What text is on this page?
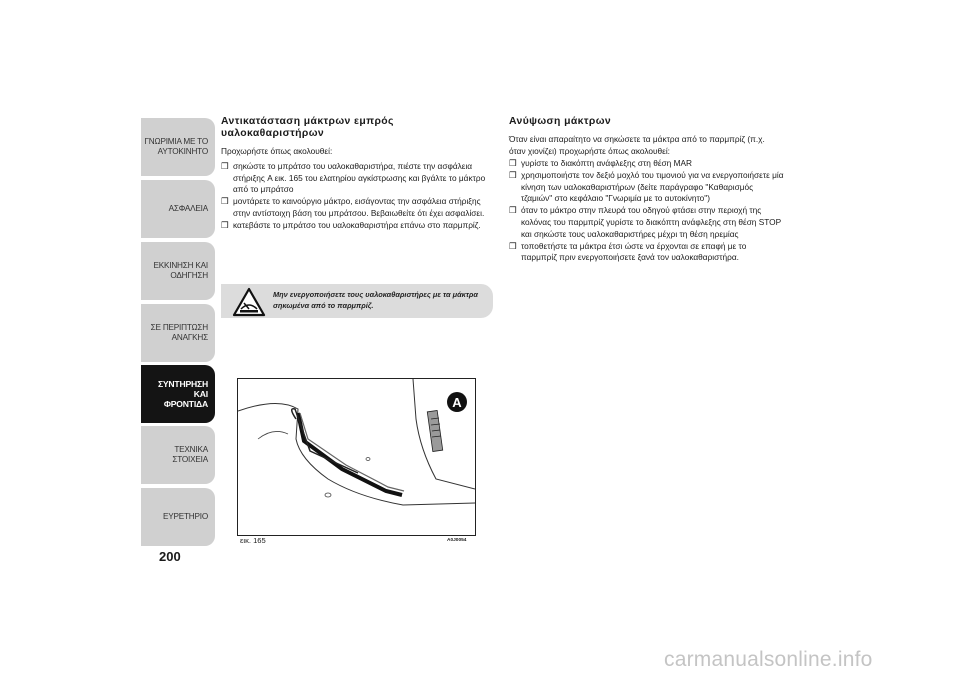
ΓΝΩΡΙΜΙΑ ΜΕ ΤΟ
ΑΥΤΟΚΙΝΗΤΟ
ΑΣΦΑΛΕΙΑ
ΕΚΚΙΝΗΣΗ ΚΑΙ
ΟΔΗΓΗΣΗ
ΣΕ ΠΕΡΙΠΤΩΣΗ
ΑΝΑΓΚΗΣ
ΣΥΝΤΗΡΗΣΗ ΚΑΙ
ΦΡΟΝΤΙΔΑ
ΤΕΧΝΙΚΑ ΣΤΟΙΧΕΙΑ
ΕΥΡΕΤΗΡΙΟ
200
Αντικατάσταση μάκτρων εμπρός υαλοκαθαριστήρων
Προχωρήστε όπως ακολουθεί:
❒ σηκώστε το μπράτσο του υαλοκαθαριστήρα, πιέστε την ασφάλεια στήριξης A εικ. 165 του ελατηρίου αγκίστρωσης και βγάλτε το μάκτρο από το μπράτσο
❒ μοντάρετε το καινούργιο μάκτρο, εισάγοντας την ασφάλεια στήριξης στην αντίστοιχη βάση του μπράτσου. Βεβαιωθείτε ότι έχει ασφαλίσει.
❒ κατεβάστε το μπράτσο του υαλοκαθαριστήρα επάνω στο παρμπρίζ.
Μην ενεργοποιήσετε τους υαλοκαθαριστήρες με τα μάκτρα σηκωμένα από το παρμπρίζ.
A
εικ. 165	A0J0054
Ανύψωση μάκτρων
Όταν είναι απαραίτητο να σηκώσετε τα μάκτρα από το παρμπρίζ (π.χ. όταν χιονίζει) προχωρήστε όπως ακολουθεί:
❒ γυρίστε το διακόπτη ανάφλεξης στη θέση MAR
❒ χρησιμοποιήστε τον δεξιό μοχλό του τιμονιού για να ενεργοποιήσετε μία κίνηση των υαλοκαθαριστήρων (δείτε παράγραφο "Καθαρισμός τζαμιών" στο κεφάλαιο "Γνωριμία με το αυτοκίνητο")
❒ όταν το μάκτρο στην πλευρά του οδηγού φτάσει στην περιοχή της κολόνας του παρμπρίζ γυρίστε το διακόπτη ανάφλεξης στη θέση STOP και σηκώστε τους υαλοκαθαριστήρες μέχρι τη θέση ηρεμίας
❒ τοποθετήστε τα μάκτρα έτσι ώστε να έρχονται σε επαφή με το παρμπρίζ πριν ενεργοποιήσετε ξανά τον υαλοκαθαριστήρα.
carmanualsonline.info
